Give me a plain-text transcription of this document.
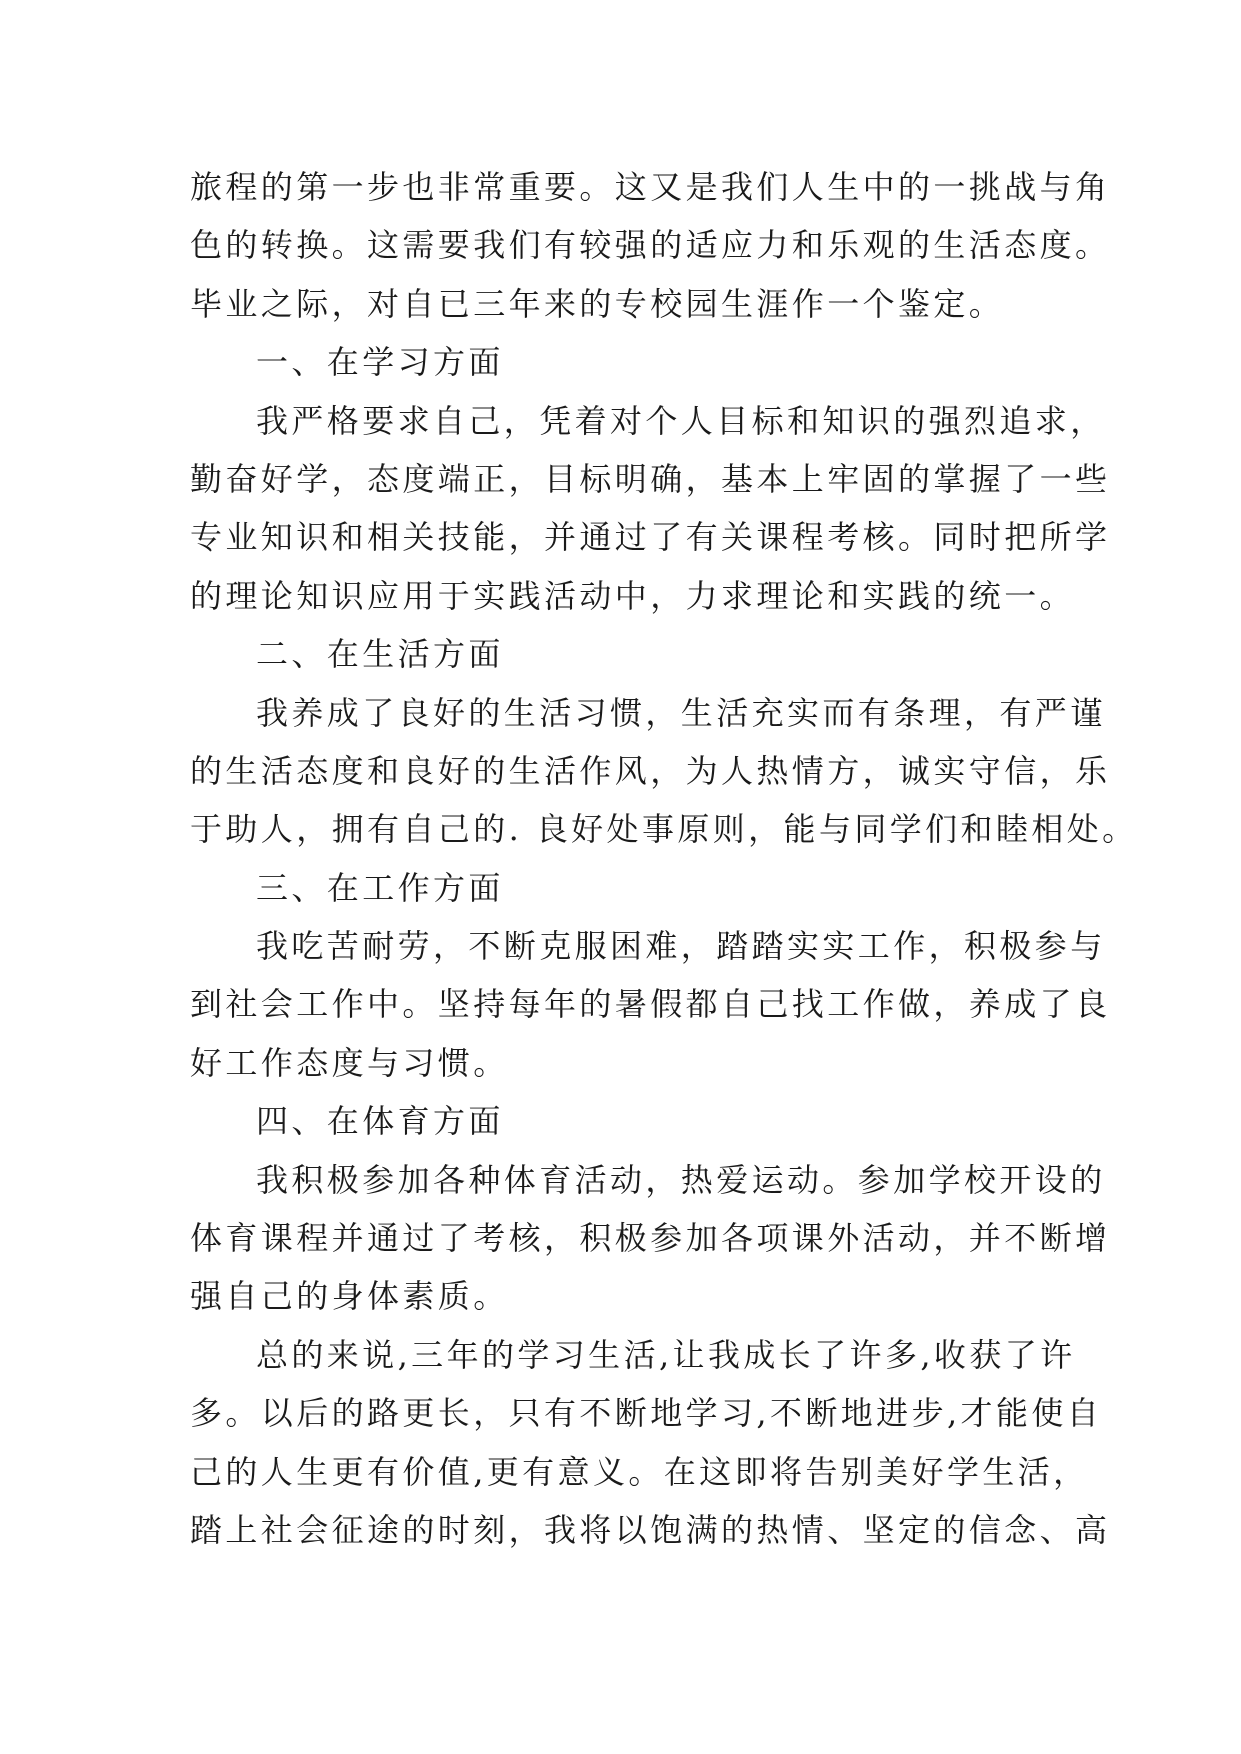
旅程的第一步也非常重要。这又是我们人生中的一挑战与角
色的转换。这需要我们有较强的适应力和乐观的生活态度。
毕业之际，对自已三年来的专校园生涯作一个鉴定。
一、在学习方面
我严格要求自己，凭着对个人目标和知识的强烈追求，
勤奋好学，态度端正，目标明确，基本上牢固的掌握了一些
专业知识和相关技能，并通过了有关课程考核。同时把所学
的理论知识应用于实践活动中，力求理论和实践的统一。
二、在生活方面
我养成了良好的生活习惯，生活充实而有条理，有严谨
的生活态度和良好的生活作风，为人热情方，诚实守信，乐
于助人，拥有自己的. 良好处事原则，能与同学们和睦相处。
三、在工作方面
我吃苦耐劳，不断克服困难，踏踏实实工作，积极参与
到社会工作中。坚持每年的暑假都自己找工作做，养成了良
好工作态度与习惯。
四、在体育方面
我积极参加各种体育活动，热爱运动。参加学校开设的
体育课程并通过了考核，积极参加各项课外活动，并不断增
强自己的身体素质。
总的来说,三年的学习生活,让我成长了许多,收获了许
多。以后的路更长，只有不断地学习,不断地进步,才能使自
己的人生更有价值,更有意义。在这即将告别美好学生活，
踏上社会征途的时刻，我将以饱满的热情、坚定的信念、高
